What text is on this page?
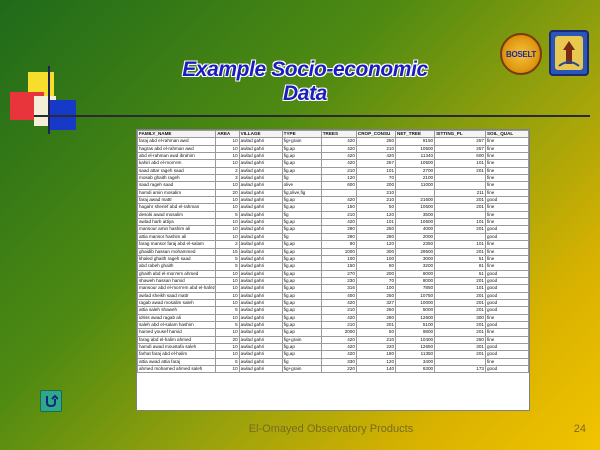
Example Socio-economic Data
BOSELT
FAMILY_NAME	AREA	VILLAGE	TYPE	TREES	CROP_CONSU	NET_TREE	SITTING_PL	SOIL_QUAL
faraj abd el-rahman awd	10	awlad gahri	fig+grain	420	250	8150	257	fine
hagras abd el-rahman awd	10	awlad gahri	fig,ap	420	210	10500	257	fine
abd el-rahman awd ibrahim	10	awlad gahri	fig,ap	420	420	11340	600	fine
kahiri abd el-mon'em	10	awlad gahri	fig,ap	420	257	10500	101	fine
saad attar rageh saad	2	awlad gahri	fig,ap	210	101	2700	201	fine
mosab ghaith rageh	3	awlad gahri	fig	120	70	2100		fine
saad rageh saad	10	awlad gahri	olive	600	200	11000		fine
hamdi amin mosalim	20	awlad gahri	fig,olive,fig		210		211	fine
faraj awad mattr	10	awlad gahri	fig,ap	420	210	21600	201	good
hagahr sherief abd el-rahman	10	awlad gahri	fig,ap	150	50	10500	201	fine
desoki awad mosalim	5	awlad gahri	fig	210	120	3500		fine
awlad harb attiya	10	awlad gahri	fig,ap	420	101	10500	101	fine
mansour amin hashim ali	10	awlad gahri	fig,ap	280	250	4000	201	good
attia mansor hashim ali	10	awlad gahri	fig	280	280	2000		good
farag mansor faraj abd el-salam	2	awlad gahri	fig,ap	80	120	2350	101	fine
ghaidib hassan mohammed	15	awlad gahri	fig,ap	1000	300	29500	201	fine
khaled ghaith rageh saad	5	awlad gahri	fig,ap	100	100	3000	51	fine
abd rabeh ghaith	5	awlad gahri	fig,ap	150	80	3200	81	fine
ghaith abd el-mon'em ahmed	10	awlad gahri	fig,ap	270	200	8000	51	good
shaweh hassan hamid	10	awlad gahri	fig,ap	230	70	8000	201	good
mansour abd el-mon'em abd el-hafez	10	awlad gahri	fig,ap	316	100	7850	101	good
awlad sheikh saad mattr	10	awlad gahri	fig,ap	400	250	10750	201	good
ragab awad mosalim saleh	10	awlad gahri	fig,ap	420	327	10000	201	good
attia saleh shaweh	5	awlad gahri	fig,ap	210	250	5000	201	good
idriss awad ragab ali	10	awlad gahri	fig,ap	420	280	12600	300	fine
saleh abd el-salam hashim	5	awlad gahri	fig,ap	210	201	5100	201	good
hamed yousef hamid	10	awlad gahri	fig,ap	2000	50	9800	201	fine
farag abd el-halim ahmed	20	awlad gahri	fig+grain	420	210	10400	250	fine
hamdi awad moustafa saleh	10	awlad gahri	fig,ap	420	220	12650	301	good
farhat faraj abd el-halim	10	awlad gahri	fig,ap	420	180	11350	201	good
attia awad attia faraj	5	awlad gahri	fig	330	120	3400		fine
ahmed mohamed ahmed saleh	10	awlad gahri	fig+grain	220	140	6300	173	good
El-Omayed Observatory Products	24
